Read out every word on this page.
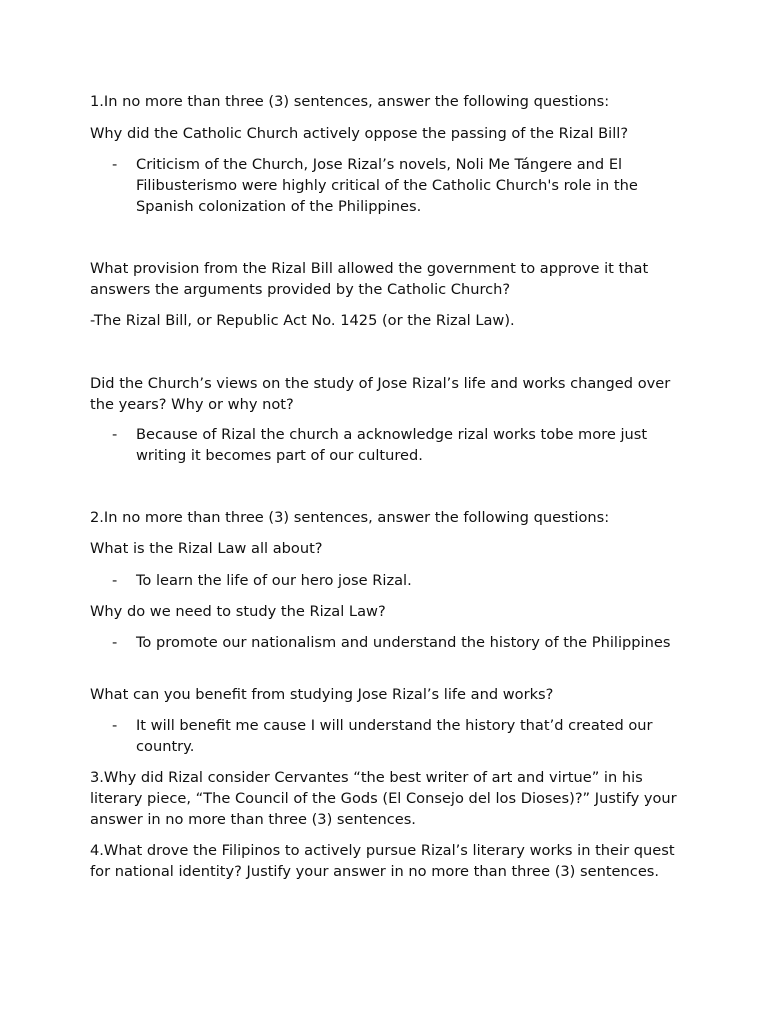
1.In no more than three (3) sentences, answer the following questions:

Why did the Catholic Church actively oppose the passing of the Rizal Bill?

- Criticism of the Church, Jose Rizal’s novels, Noli Me Tángere and El Filibusterismo were highly critical of the Catholic Church's role in the Spanish colonization of the Philippines.

What provision from the Rizal Bill allowed the government to approve it that answers the arguments provided by the Catholic Church?

-The Rizal Bill, or Republic Act No. 1425 (or the Rizal Law).

Did the Church’s views on the study of Jose Rizal’s life and works changed over the years? Why or why not?

- Because of Rizal the church a acknowledge rizal works tobe more just writing it becomes part of our cultured.

2.In no more than three (3) sentences, answer the following questions:

What is the Rizal Law all about?

- To learn the life of our hero jose Rizal.

Why do we need to study the Rizal Law?

- To promote our nationalism and understand the history of the Philippines

What can you benefit from studying Jose Rizal’s life and works?

- It will benefit me cause I will understand the history that’d created our country.

3.Why did Rizal consider Cervantes “the best writer of art and virtue” in his literary piece, “The Council of the Gods (El Consejo del los Dioses)?” Justify your answer in no more than three (3) sentences.

4.What drove the Filipinos to actively pursue Rizal’s literary works in their quest for national identity? Justify your answer in no more than three (3) sentences.
